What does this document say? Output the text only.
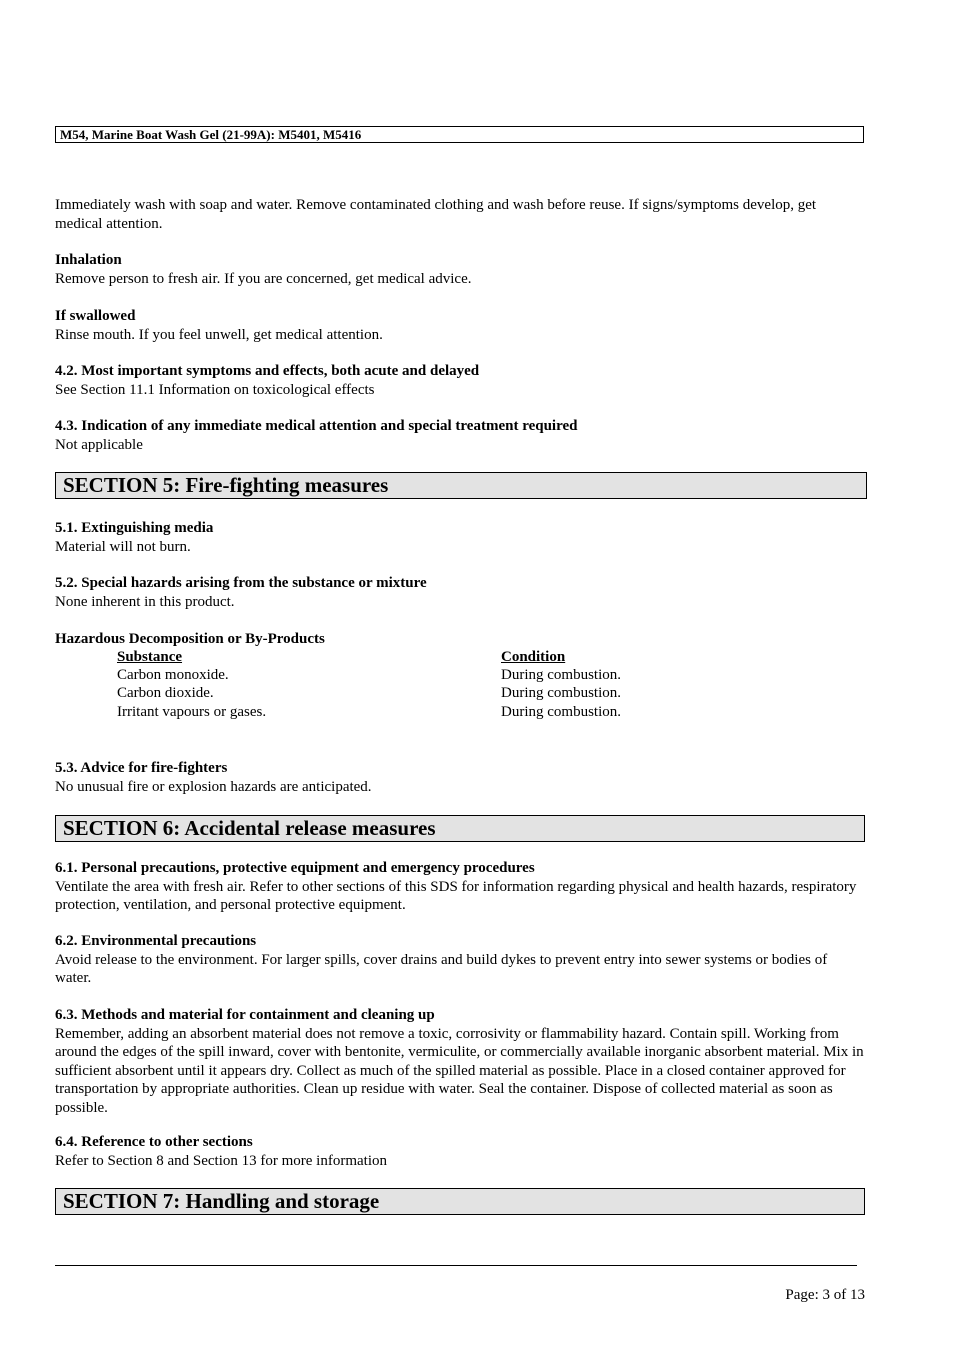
M54, Marine Boat Wash Gel (21-99A): M5401, M5416
Immediately wash with soap and water. Remove contaminated clothing and wash before reuse. If signs/symptoms develop, get medical attention.
Inhalation
Remove person to fresh air. If you are concerned, get medical advice.
If swallowed
Rinse mouth. If you feel unwell, get medical attention.
4.2. Most important symptoms and effects, both acute and delayed
See Section 11.1 Information on toxicological effects
4.3. Indication of any immediate medical attention and special treatment required
Not applicable
SECTION 5: Fire-fighting measures
5.1. Extinguishing media
Material will not burn.
5.2. Special hazards arising from the substance or mixture
None inherent in this product.
Hazardous Decomposition or By-Products
Substance	Condition
Carbon monoxide.	During combustion.
Carbon dioxide.	During combustion.
Irritant vapours or gases.	During combustion.
5.3. Advice for fire-fighters
No unusual fire or explosion hazards are anticipated.
SECTION 6: Accidental release measures
6.1. Personal precautions, protective equipment and emergency procedures
Ventilate the area with fresh air. Refer to other sections of this SDS for information regarding physical and health hazards, respiratory protection, ventilation, and personal protective equipment.
6.2. Environmental precautions
Avoid release to the environment. For larger spills, cover drains and build dykes to prevent entry into sewer systems or bodies of water.
6.3. Methods and material for containment and cleaning up
Remember, adding an absorbent material does not remove a toxic, corrosivity or flammability hazard. Contain spill. Working from around the edges of the spill inward, cover with bentonite, vermiculite, or commercially available inorganic absorbent material. Mix in sufficient absorbent until it appears dry. Collect as much of the spilled material as possible. Place in a closed container approved for transportation by appropriate authorities. Clean up residue with water. Seal the container. Dispose of collected material as soon as possible.
6.4. Reference to other sections
Refer to Section 8 and Section 13 for more information
SECTION 7: Handling and storage
Page: 3 of 13
